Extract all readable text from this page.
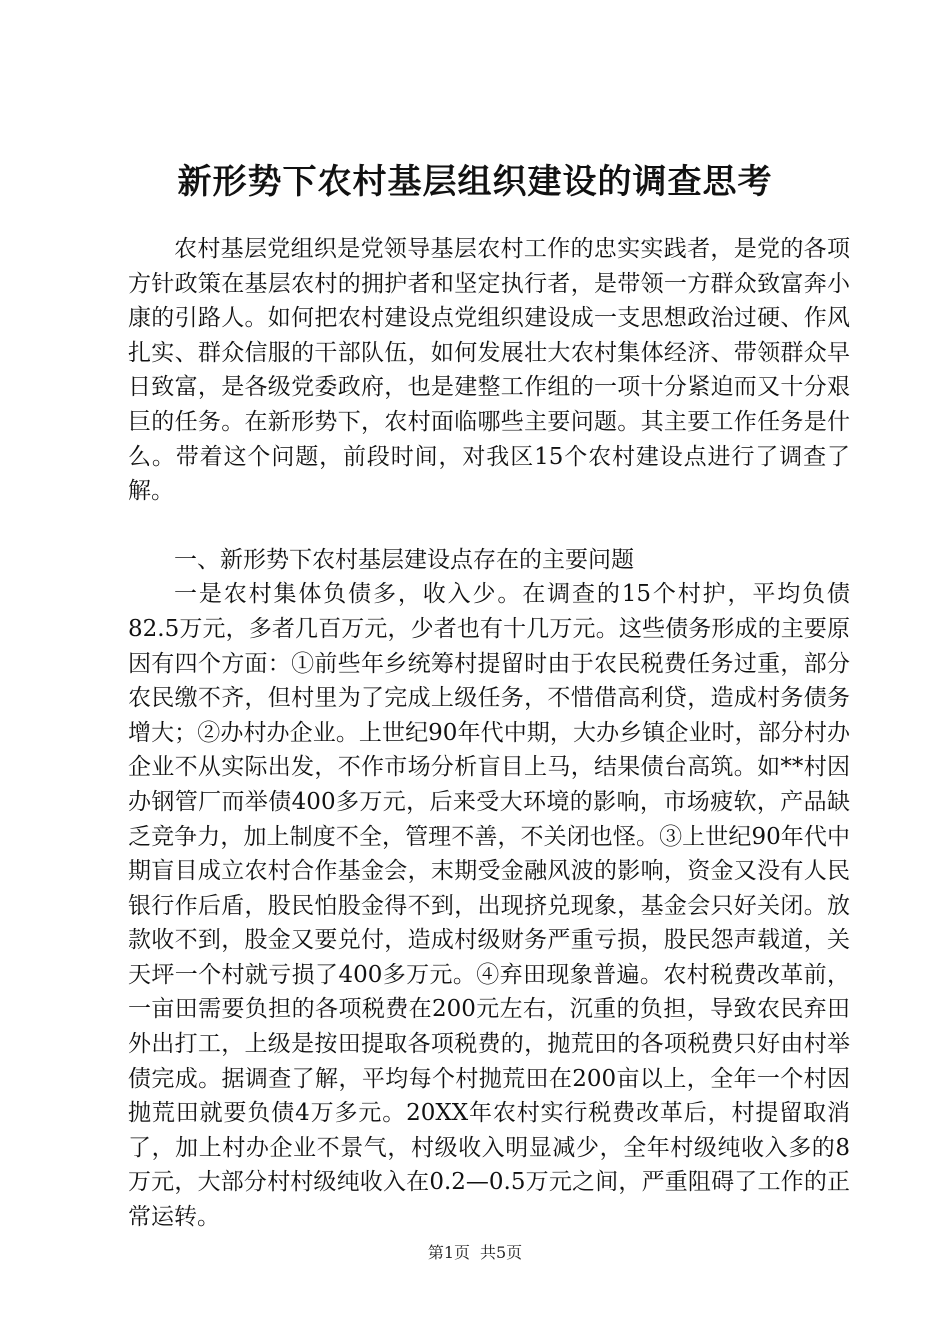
新形势下农村基层组织建设的调查思考

农村基层党组织是党领导基层农村工作的忠实实践者，是党的各项方针政策在基层农村的拥护者和坚定执行者，是带领一方群众致富奔小康的引路人。如何把农村建设点党组织建设成一支思想政治过硬、作风扎实、群众信服的干部队伍，如何发展壮大农村集体经济、带领群众早日致富，是各级党委政府，也是建整工作组的一项十分紧迫而又十分艰巨的任务。在新形势下，农村面临哪些主要问题。其主要工作任务是什么。带着这个问题，前段时间，对我区15个农村建设点进行了调查了解。

一、新形势下农村基层建设点存在的主要问题

一是农村集体负债多，收入少。在调查的15个村护，平均负债82.5万元，多者几百万元，少者也有十几万元。这些债务形成的主要原因有四个方面：①前些年乡统筹村提留时由于农民税费任务过重，部分农民缴不齐，但村里为了完成上级任务，不惜借高利贷，造成村务债务增大；②办村办企业。上世纪90年代中期，大办乡镇企业时，部分村办企业不从实际出发，不作市场分析盲目上马，结果债台高筑。如**村因办钢管厂而举债400多万元，后来受大环境的影响，市场疲软，产品缺乏竞争力，加上制度不全，管理不善，不关闭也怪。③上世纪90年代中期盲目成立农村合作基金会，末期受金融风波的影响，资金又没有人民银行作后盾，股民怕股金得不到，出现挤兑现象，基金会只好关闭。放款收不到，股金又要兑付，造成村级财务严重亏损，股民怨声载道，关天坪一个村就亏损了400多万元。④弃田现象普遍。农村税费改革前，一亩田需要负担的各项税费在200元左右，沉重的负担，导致农民弃田外出打工，上级是按田提取各项税费的，抛荒田的各项税费只好由村举债完成。据调查了解，平均每个村抛荒田在200亩以上，全年一个村因抛荒田就要负债4万多元。20XX年农村实行税费改革后，村提留取消了，加上村办企业不景气，村级收入明显减少，全年村级纯收入多的8万元，大部分村村级纯收入在0.2—0.5万元之间，严重阻碍了工作的正常运转。

第1页 共5页
